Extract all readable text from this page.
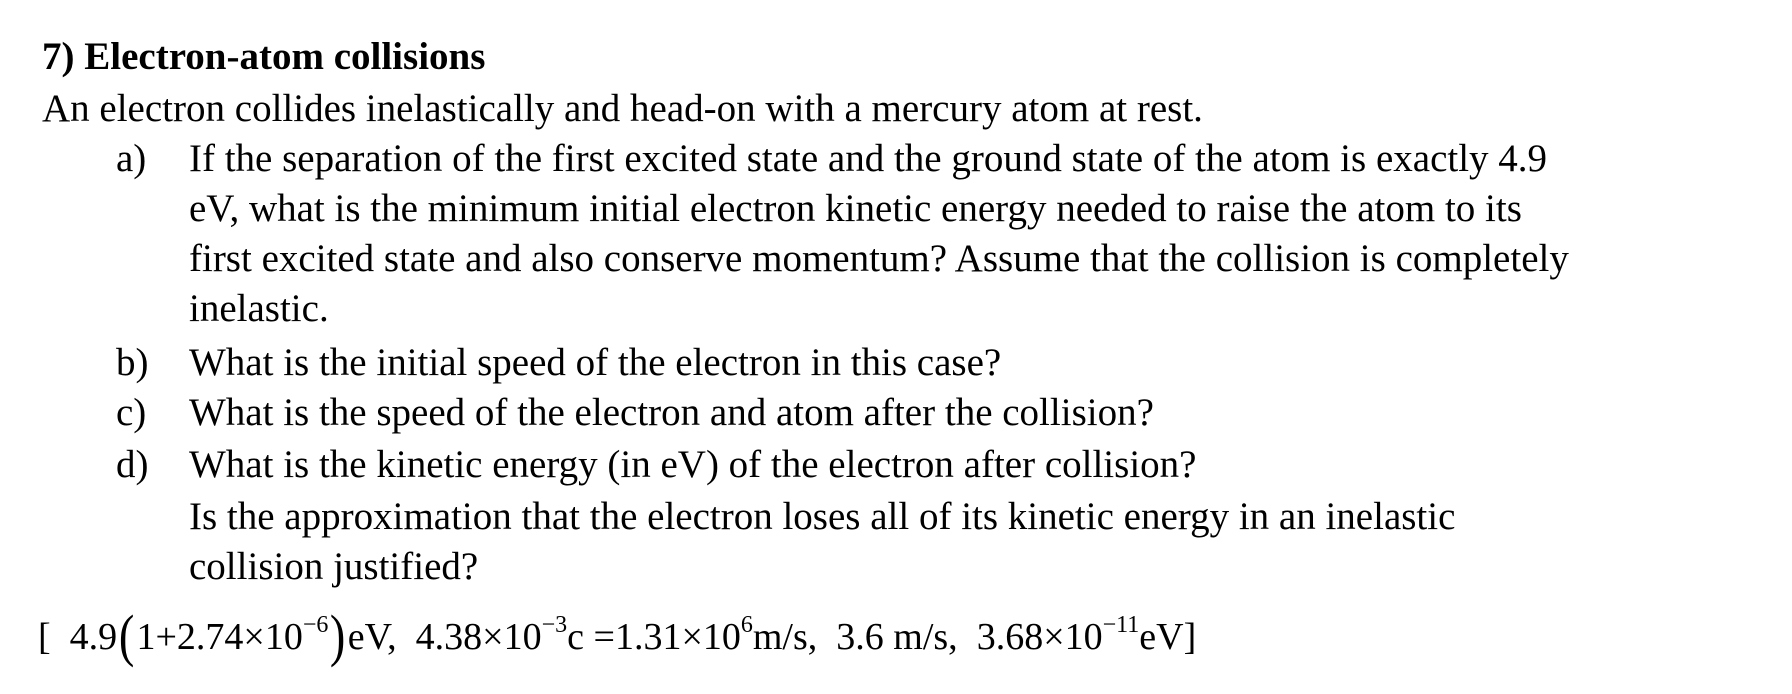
7) Electron-atom collisions
An electron collides inelastically and head-on with a mercury atom at rest.
a) If the separation of the first excited state and the ground state of the atom is exactly 4.9
eV, what is the minimum initial electron kinetic energy needed to raise the atom to its
first excited state and also conserve momentum? Assume that the collision is completely
inelastic.
b) What is the initial speed of the electron in this case?
c) What is the speed of the electron and atom after the collision?
d) What is the kinetic energy (in eV) of the electron after collision?
Is the approximation that the electron loses all of its kinetic energy in an inelastic
collision justified?
[ $4.9(1+2.74\times 10^{-6})eV$, $4.38\times 10^{-3}c =1.31\times 10^6m/s$, 3.6 m/s, $3.68\times 10^{-11}eV$]
